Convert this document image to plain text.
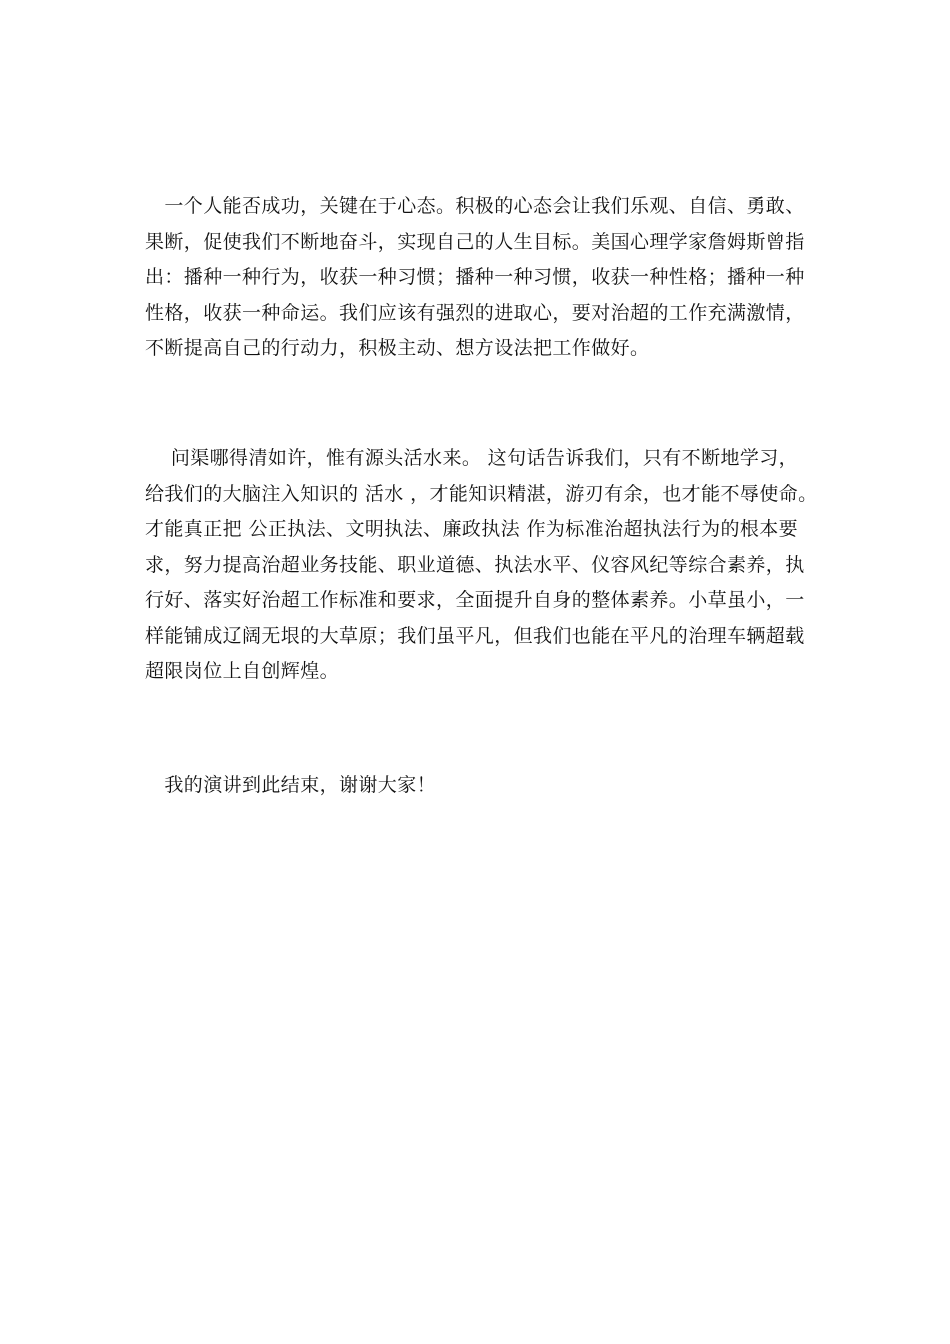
　一个人能否成功，关键在于心态。积极的心态会让我们乐观、自信、勇敢、
果断，促使我们不断地奋斗，实现自己的人生目标。美国心理学家詹姆斯曾指
出：播种一种行为，收获一种习惯；播种一种习惯，收获一种性格；播种一种
性格，收获一种命运。我们应该有强烈的进取心，要对治超的工作充满激情，
不断提高自己的行动力，积极主动、想方设法把工作做好。
　 问渠哪得清如许，惟有源头活水来。 这句话告诉我们，只有不断地学习，
给我们的大脑注入知识的 活水 ，才能知识精湛，游刃有余，也才能不辱使命。
才能真正把 公正执法、文明执法、廉政执法 作为标准治超执法行为的根本要
求，努力提高治超业务技能、职业道德、执法水平、仪容风纪等综合素养，执
行好、落实好治超工作标准和要求，全面提升自身的整体素养。小草虽小，一
样能铺成辽阔无垠的大草原；我们虽平凡，但我们也能在平凡的治理车辆超载
超限岗位上自创辉煌。
　我的演讲到此结束，谢谢大家！
